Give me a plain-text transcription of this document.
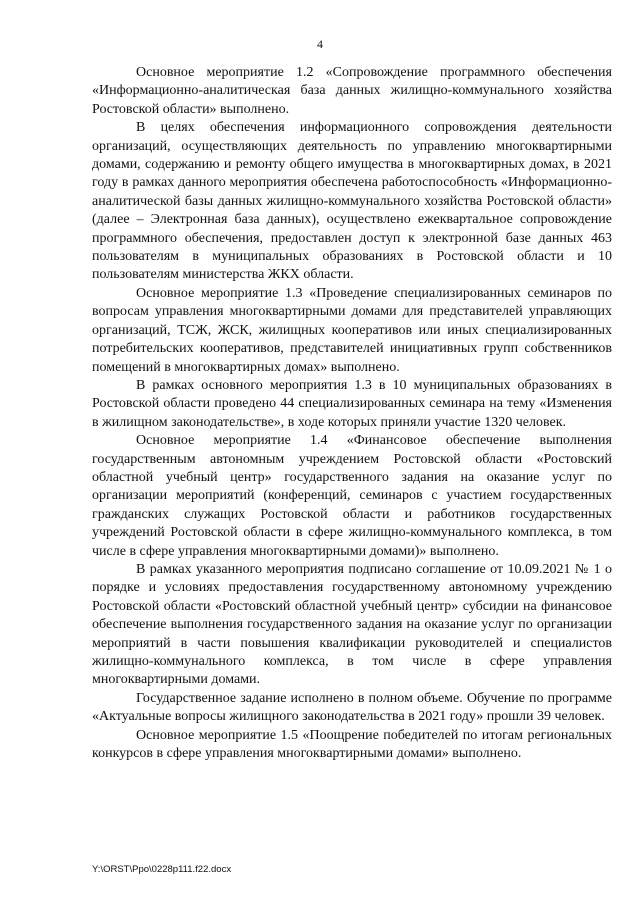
4

Основное мероприятие 1.2 «Сопровождение программного обеспечения «Информационно-аналитическая база данных жилищно-коммунального хозяйства Ростовской области» выполнено.

В целях обеспечения информационного сопровождения деятельности организаций, осуществляющих деятельность по управлению многоквартирными домами, содержанию и ремонту общего имущества в многоквартирных домах, в 2021 году в рамках данного мероприятия обеспечена работоспособность «Информационно-аналитической базы данных жилищно-коммунального хозяйства Ростовской области» (далее – Электронная база данных), осуществлено ежеквартальное сопровождение программного обеспечения, предоставлен доступ к электронной базе данных 463 пользователям в муниципальных образованиях в Ростовской области и 10 пользователям министерства ЖКХ области.

Основное мероприятие 1.3 «Проведение специализированных семинаров по вопросам управления многоквартирными домами для представителей управляющих организаций, ТСЖ, ЖСК, жилищных кооперативов или иных специализированных потребительских кооперативов, представителей инициативных групп собственников помещений в многоквартирных домах» выполнено.

В рамках основного мероприятия 1.3 в 10 муниципальных образованиях в Ростовской области проведено 44 специализированных семинара на тему «Изменения в жилищном законодательстве», в ходе которых приняли участие 1320 человек.

Основное мероприятие 1.4 «Финансовое обеспечение выполнения государственным автономным учреждением Ростовской области «Ростовский областной учебный центр» государственного задания на оказание услуг по организации мероприятий (конференций, семинаров с участием государственных гражданских служащих Ростовской области и работников государственных учреждений Ростовской области в сфере жилищно-коммунального комплекса, в том числе в сфере управления многоквартирными домами)» выполнено.

В рамках указанного мероприятия подписано соглашение от 10.09.2021 № 1 о порядке и условиях предоставления государственному автономному учреждению Ростовской области «Ростовский областной учебный центр» субсидии на финансовое обеспечение выполнения государственного задания на оказание услуг по организации мероприятий в части повышения квалификации руководителей и специалистов жилищно-коммунального комплекса, в том числе в сфере управления многоквартирными домами.

Государственное задание исполнено в полном объеме. Обучение по программе «Актуальные вопросы жилищного законодательства в 2021 году» прошли 39 человек.

Основное мероприятие 1.5 «Поощрение победителей по итогам региональных конкурсов в сфере управления многоквартирными домами» выполнено.

Y:\ORST\Ppo\0228p111.f22.docx
